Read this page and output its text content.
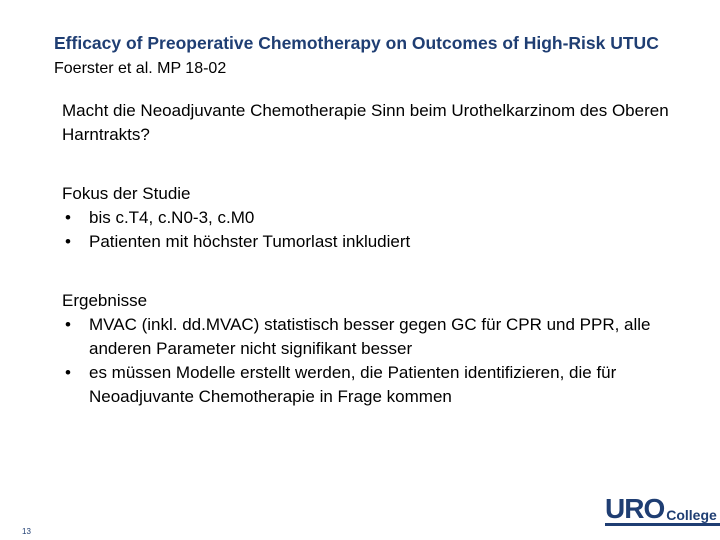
Efficacy of Preoperative Chemotherapy on Outcomes of High-Risk UTUC Foerster et al. MP 18-02

Macht die Neoadjuvante Chemotherapie Sinn beim Urothelkarzinom des Oberen Harntrakts?

Fokus der Studie

•	bis c.T4, c.N0-3, c.M0
•	Patienten mit höchster Tumorlast inkludiert

Ergebnisse

•	MVAC (inkl. dd.MVAC) statistisch besser gegen GC für CPR und PPR, alle anderen Parameter nicht signifikant besser
•	es müssen Modelle erstellt werden, die Patienten identifizieren, die für Neoadjuvante Chemotherapie in Frage kommen
URO College
13
